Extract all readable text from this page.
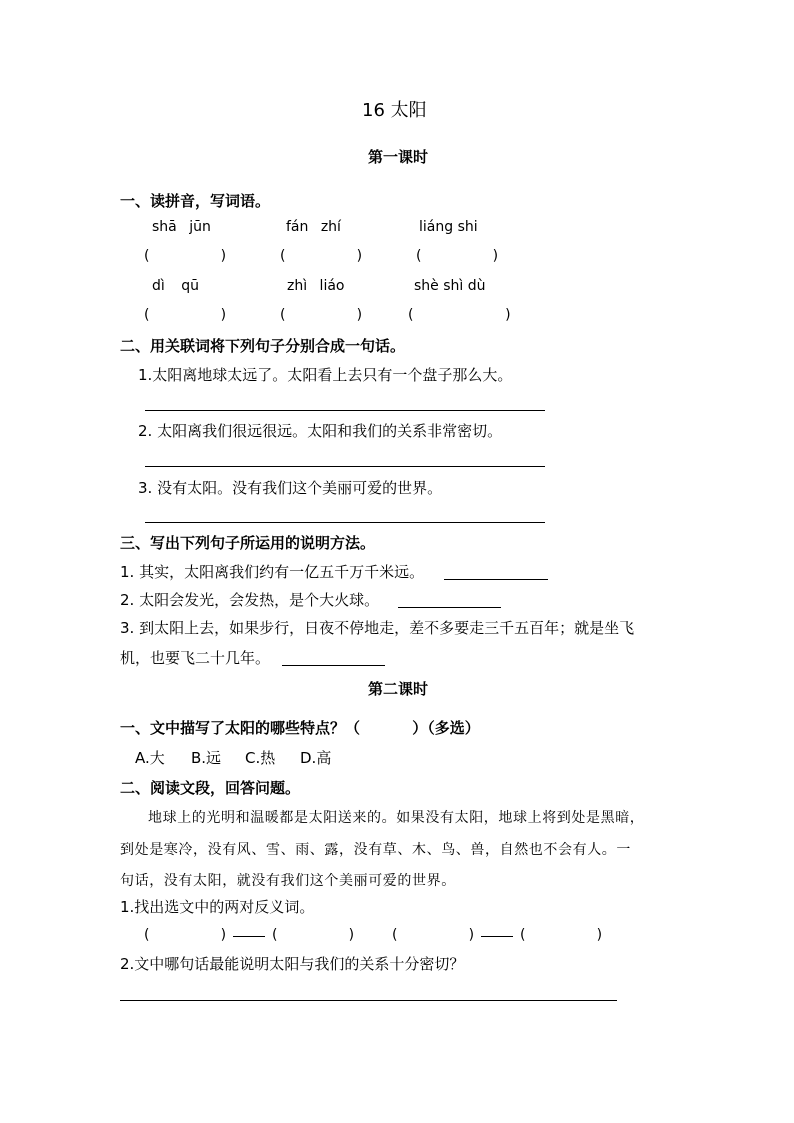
16 太阳
第一课时
一、读拼音，写词语。
shā jūn	fán zhí	liáng shi
(                )	(                )	(                )
dì qū	zhì liáo	shè shì dù
(                )	(                )	(                )
二、用关联词将下列句子分别合成一句话。
1.太阳离地球太远了。太阳看上去只有一个盘子那么大。
2. 太阳离我们很远很远。太阳和我们的关系非常密切。
3. 没有太阳。没有我们这个美丽可爱的世界。
三、写出下列句子所运用的说明方法。
1. 其实，太阳离我们约有一亿五千万千米远。
2. 太阳会发光，会发热，是个大火球。
3. 到太阳上去，如果步行，日夜不停地走，差不多要走三千五百年；就是坐飞
机，也要飞二十几年。
第二课时
一、文中描写了太阳的哪些特点？（          ）（多选）
A.大 B.远 C.热 D.高
二、阅读文段，回答问题。
地球上的光明和温暖都是太阳送来的。如果没有太阳，地球上将到处是黑暗，
到处是寒冷，没有风、雪、雨、露，没有草、木、鸟、兽，自然也不会有人。一
句话，没有太阳，就没有我们这个美丽可爱的世界。
1.找出选文中的两对反义词。
(                )	(                )	(                )	(                )
2.文中哪句话最能说明太阳与我们的关系十分密切？
